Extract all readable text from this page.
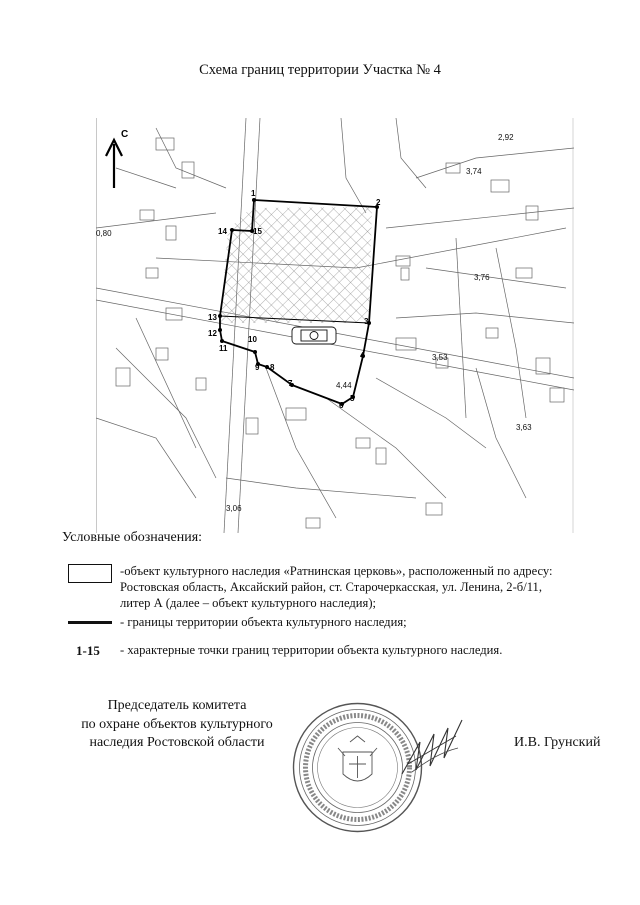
Схема границ территории Участка № 4
2,92
3,74
0,80
3,76
3,53
4,44
3,06
3,63
С
1
2
3
4
5
6
7
8
9
10
11
12
13
14	15
Условные обозначения:
-объект культурного наследия «Ратнинская церковь», расположенный по адресу:
Ростовская область, Аксайский район, ст. Старочеркасская, ул. Ленина, 2-б/11,
литер А (далее – объект культурного наследия);
- границы территории объекта культурного наследия;
1-15 - характерные точки границ территории объекта культурного наследия.
Председатель комитета
по охране объектов культурного
наследия Ростовской области	И.В. Грунский
